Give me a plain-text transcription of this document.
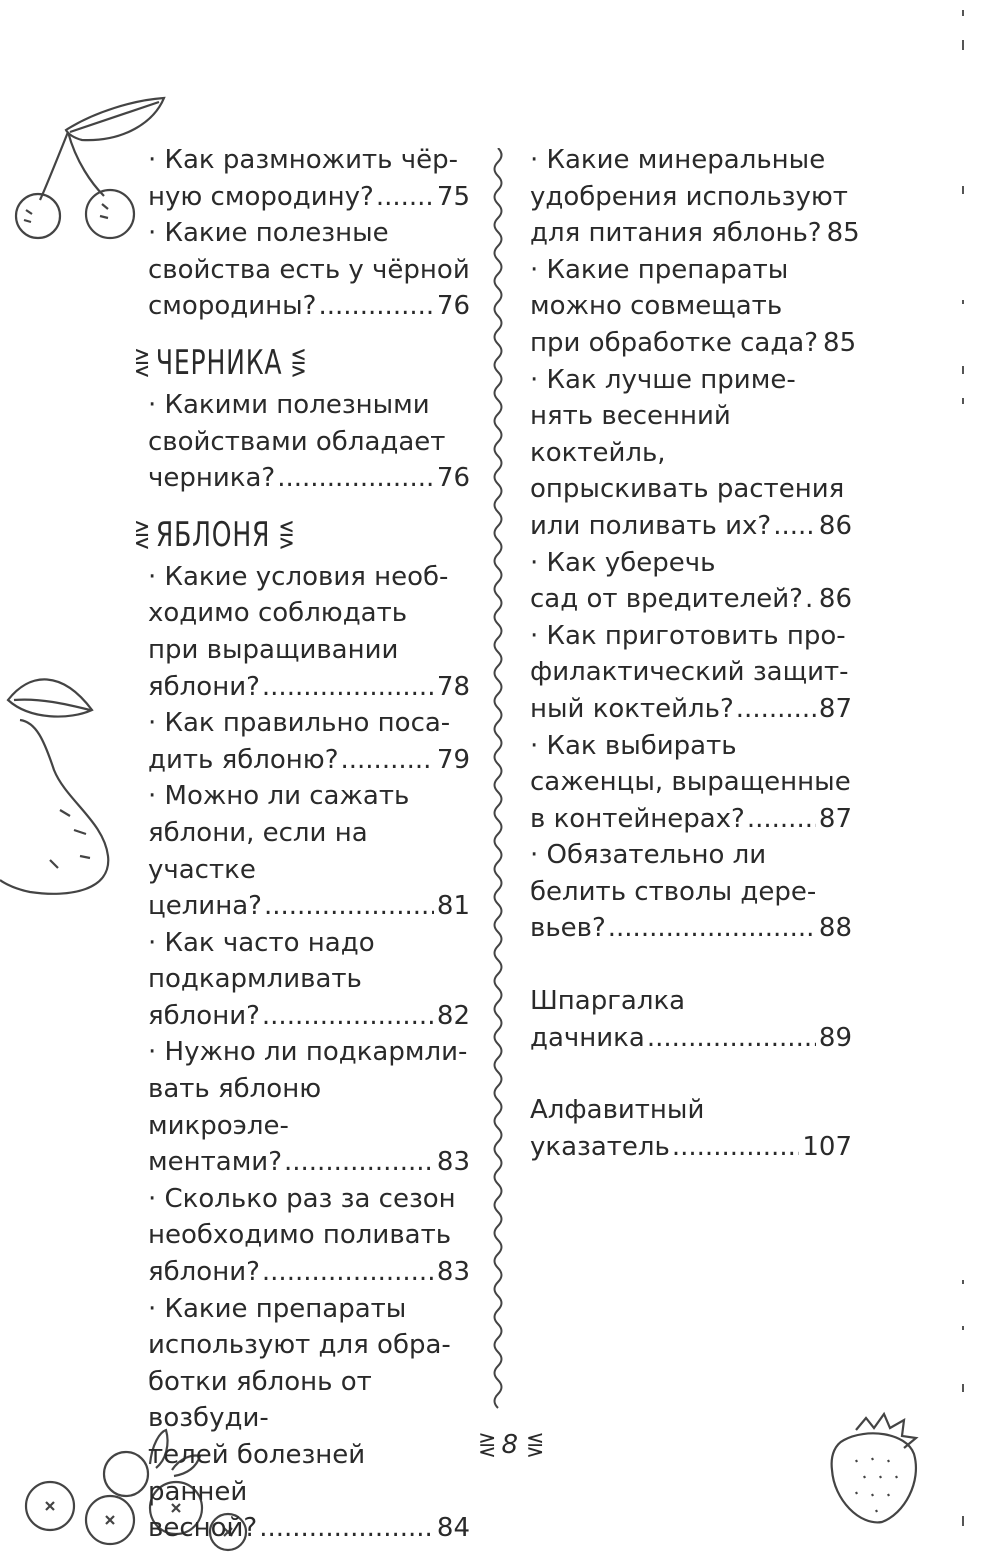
· Как размножить чёр-
ную смородину? ..... 75
· Какие полезные
свойства есть у чёрной
смородины? .....	76
⋛ ЧЕРНИКА ⋚
· Какими полезными
свойствами обладает
черника? .....	76
⋛ ЯБЛОНЯ ⋚
· Какие условия необ-
ходимо соблюдать
при выращивании
яблони? .....	78
· Как правильно поса-
дить яблоню? .....	79
· Можно ли сажать
яблони, если на участке
целина? .....	81
· Как часто надо
подкармливать
яблони? .....	82
· Нужно ли подкармли-
вать яблоню микроэле-
ментами? .....	83
· Сколько раз за сезон
необходимо поливать
яблони? .....	83
· Какие препараты
используют для обра-
ботки яблонь от возбуди-
телей болезней ранней
весной? .....	84
· Какие минеральные
удобрения используют
для питания яблонь? 85
· Какие препараты
можно совмещать
при обработке сада? 85
· Как лучше приме-
нять весенний коктейль,
опрыскивать растения
или поливать их? ..... 86
· Как уберечь
сад от вредителей? ..... 86
· Как приготовить про-
филактический защит-
ный коктейль? .....	87
· Как выбирать
саженцы, выращенные
в контейнерах? .....	87
· Обязательно ли
белить стволы дере-
вьев? .....	88
Шпаргалка
дачника .....	89
Алфавитный
указатель .....	107
⋛ 8 ⋚
